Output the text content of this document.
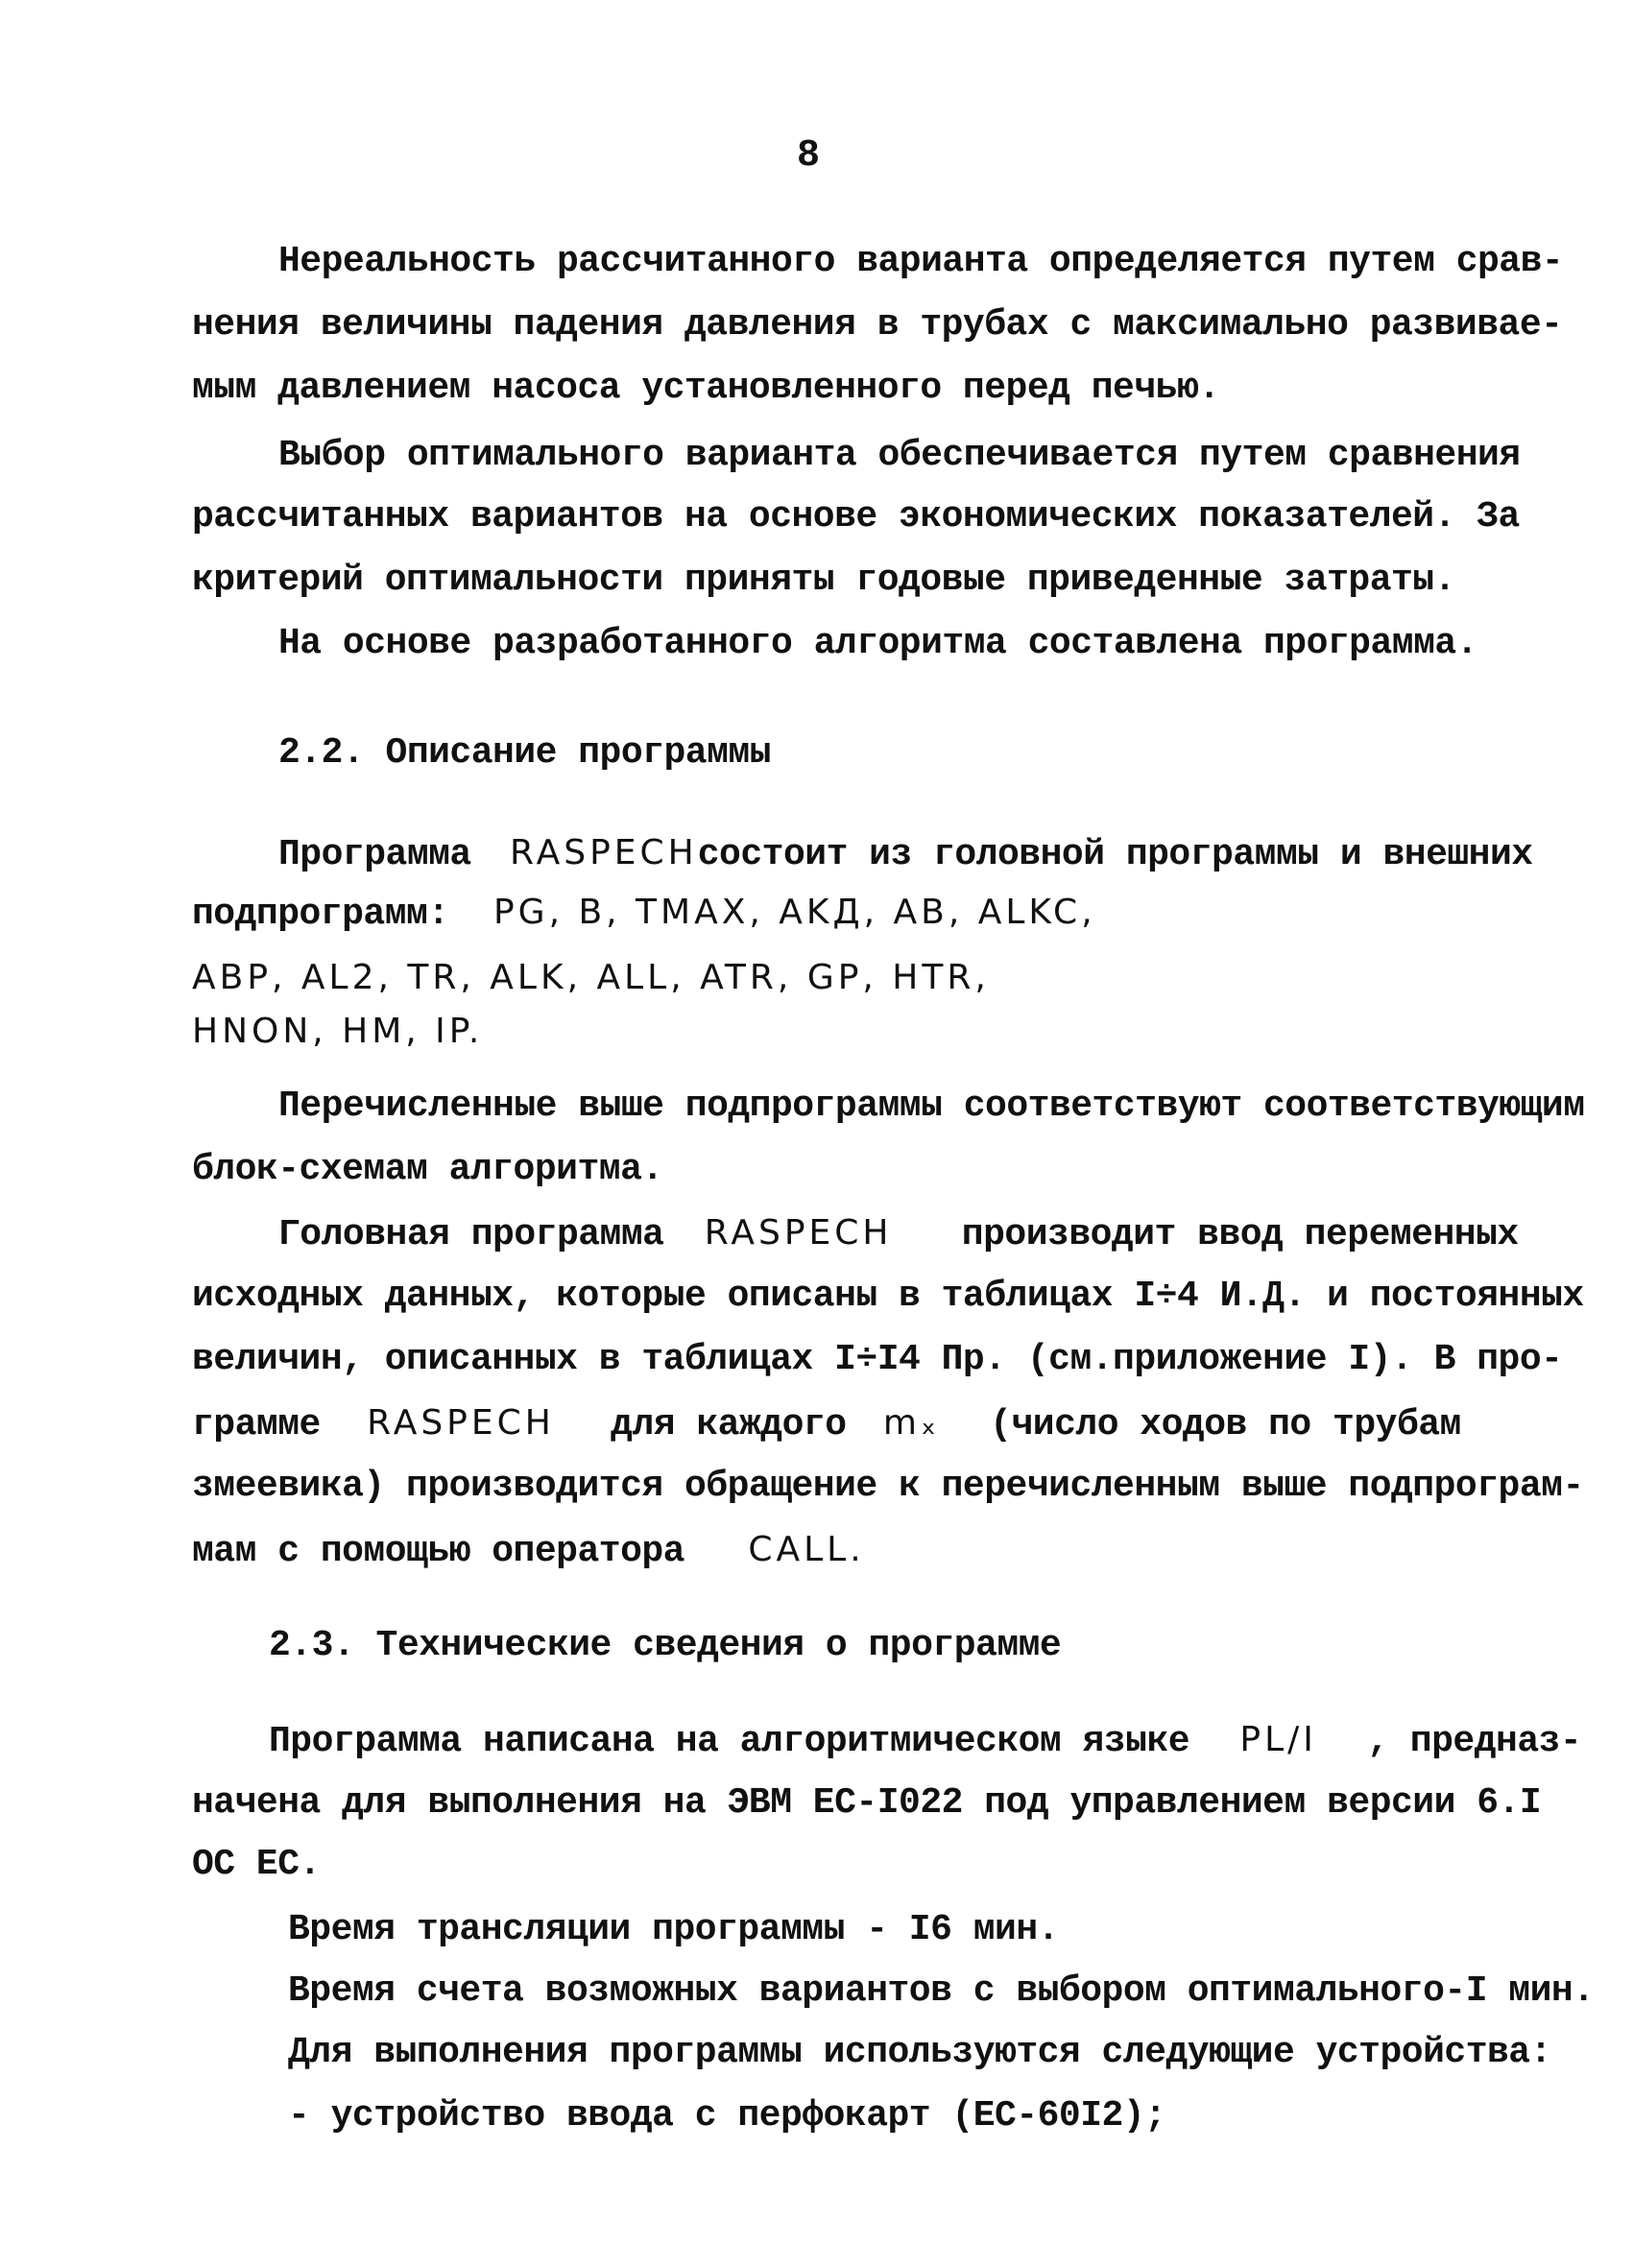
8
Нереальность рассчитанного варианта определяется путем срав-
нения величины падения давления в трубах с максимально развивае-
мым давлением насоса установленного перед печью.
Выбор оптимального варианта обеспечивается путем сравнения
рассчитанных вариантов на основе экономических показателей. За
критерий оптимальности приняты годовые приведенные затраты.
На основе разработанного алгоритма составлена программа.
2.2. Описание программы
Программа RASPECHсостоит из головной программы и внешних
подпрограмм: PG, B, TMAX, AKД, AB, ALKC,
ABP, AL2, TR, ALK, ALL, ATR, GP, HTR,
HNON, HM, IP.
Перечисленные выше подпрограммы соответствуют соответствующим
блок-схемам алгоритма.
Головная программа RASPECH производит ввод переменных
исходных данных, которые описаны в таблицах I÷4 И.Д. и постоянных
величин, описанных в таблицах I÷I4 Пр. (см.приложение I). В про-
грамме RASPECH для каждого mₓ (число ходов по трубам
змеевика) производится обращение к перечисленным выше подпрограм-
мам с помощью оператора CALL.
2.3. Технические сведения о программе
Программа написана на алгоритмическом языке PL/I , предназ-
начена для выполнения на ЭВМ ЕС-I022 под управлением версии 6.I
ОС ЕС.
Время трансляции программы - I6 мин.
Время счета возможных вариантов с выбором оптимального-I мин.
Для выполнения программы используются следующие устройства:
- устройство ввода с перфокарт (ЕС-60I2);
